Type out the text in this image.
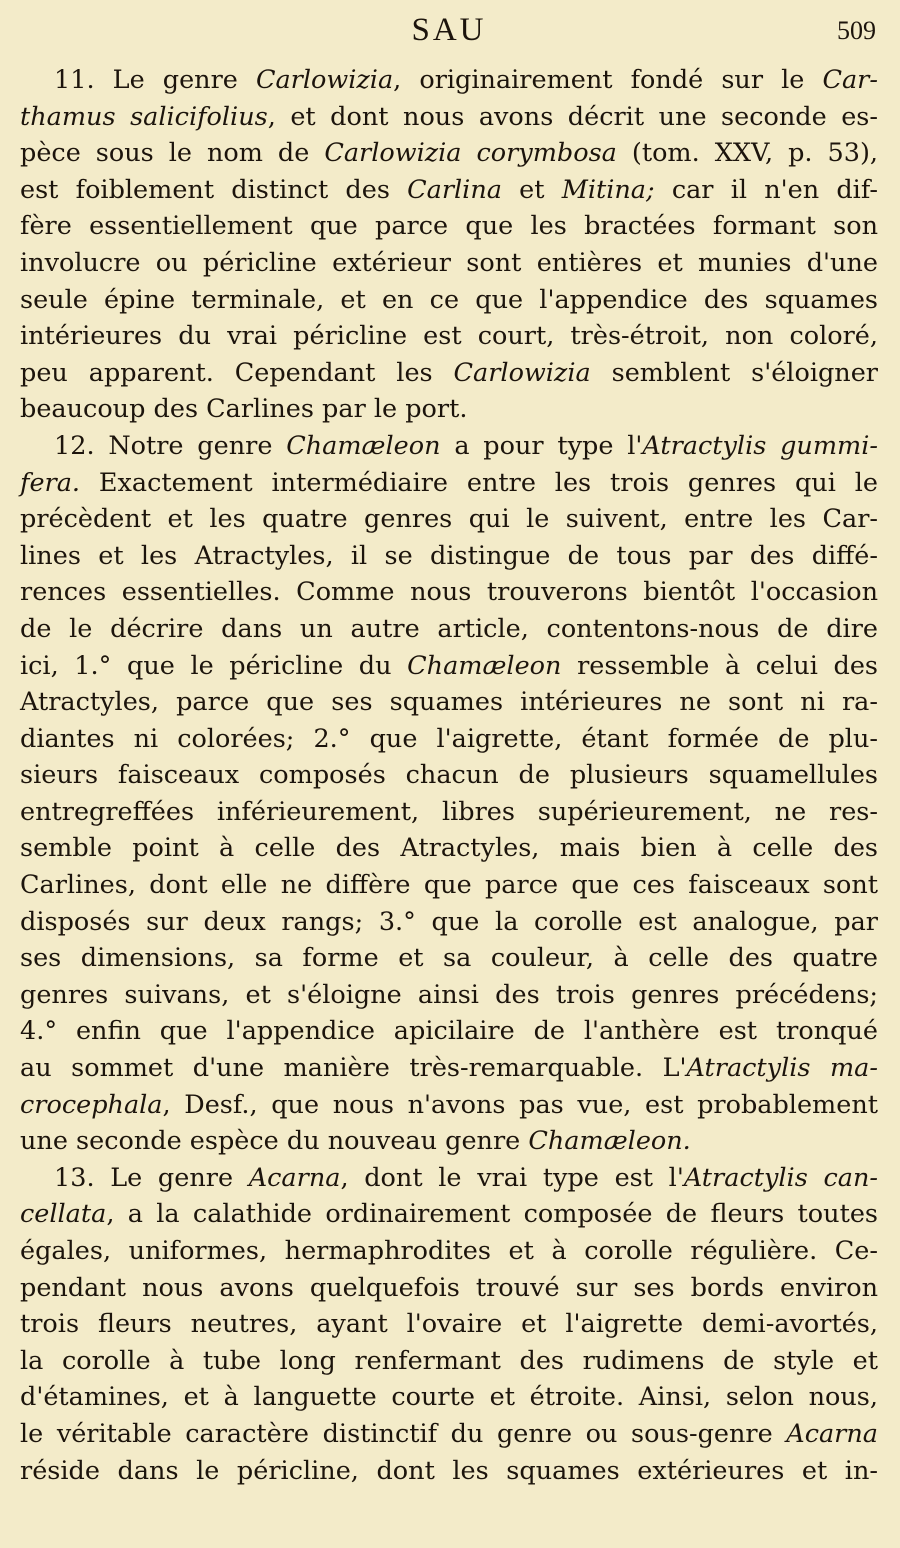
SAU	509
11. Le genre Carlowizia, originairement fondé sur le Car-
thamus salicifolius, et dont nous avons décrit une seconde es-
pèce sous le nom de Carlowizia corymbosa (tom. XXV, p. 53),
est foiblement distinct des Carlina et Mitina; car il n'en dif-
fère essentiellement que parce que les bractées formant son
involucre ou péricline extérieur sont entières et munies d'une
seule épine terminale, et en ce que l'appendice des squames
intérieures du vrai péricline est court, très-étroit, non coloré,
peu apparent. Cependant les Carlowizia semblent s'éloigner
beaucoup des Carlines par le port.
12. Notre genre Chamæleon a pour type l'Atractylis gummi-
fera. Exactement intermédiaire entre les trois genres qui le
précèdent et les quatre genres qui le suivent, entre les Car-
lines et les Atractyles, il se distingue de tous par des diffé-
rences essentielles. Comme nous trouverons bientôt l'occasion
de le décrire dans un autre article, contentons-nous de dire
ici, 1.° que le péricline du Chamæleon ressemble à celui des
Atractyles, parce que ses squames intérieures ne sont ni ra-
diantes ni colorées; 2.° que l'aigrette, étant formée de plu-
sieurs faisceaux composés chacun de plusieurs squamellules
entregreffées inférieurement, libres supérieurement, ne res-
semble point à celle des Atractyles, mais bien à celle des
Carlines, dont elle ne diffère que parce que ces faisceaux sont
disposés sur deux rangs; 3.° que la corolle est analogue, par
ses dimensions, sa forme et sa couleur, à celle des quatre
genres suivans, et s'éloigne ainsi des trois genres précédens;
4.° enfin que l'appendice apicilaire de l'anthère est tronqué
au sommet d'une manière très-remarquable. L'Atractylis ma-
crocephala, Desf., que nous n'avons pas vue, est probablement
une seconde espèce du nouveau genre Chamæleon.
13. Le genre Acarna, dont le vrai type est l'Atractylis can-
cellata, a la calathide ordinairement composée de fleurs toutes
égales, uniformes, hermaphrodites et à corolle régulière. Ce-
pendant nous avons quelquefois trouvé sur ses bords environ
trois fleurs neutres, ayant l'ovaire et l'aigrette demi-avortés,
la corolle à tube long renfermant des rudimens de style et
d'étamines, et à languette courte et étroite. Ainsi, selon nous,
le véritable caractère distinctif du genre ou sous-genre Acarna
réside dans le péricline, dont les squames extérieures et in-
